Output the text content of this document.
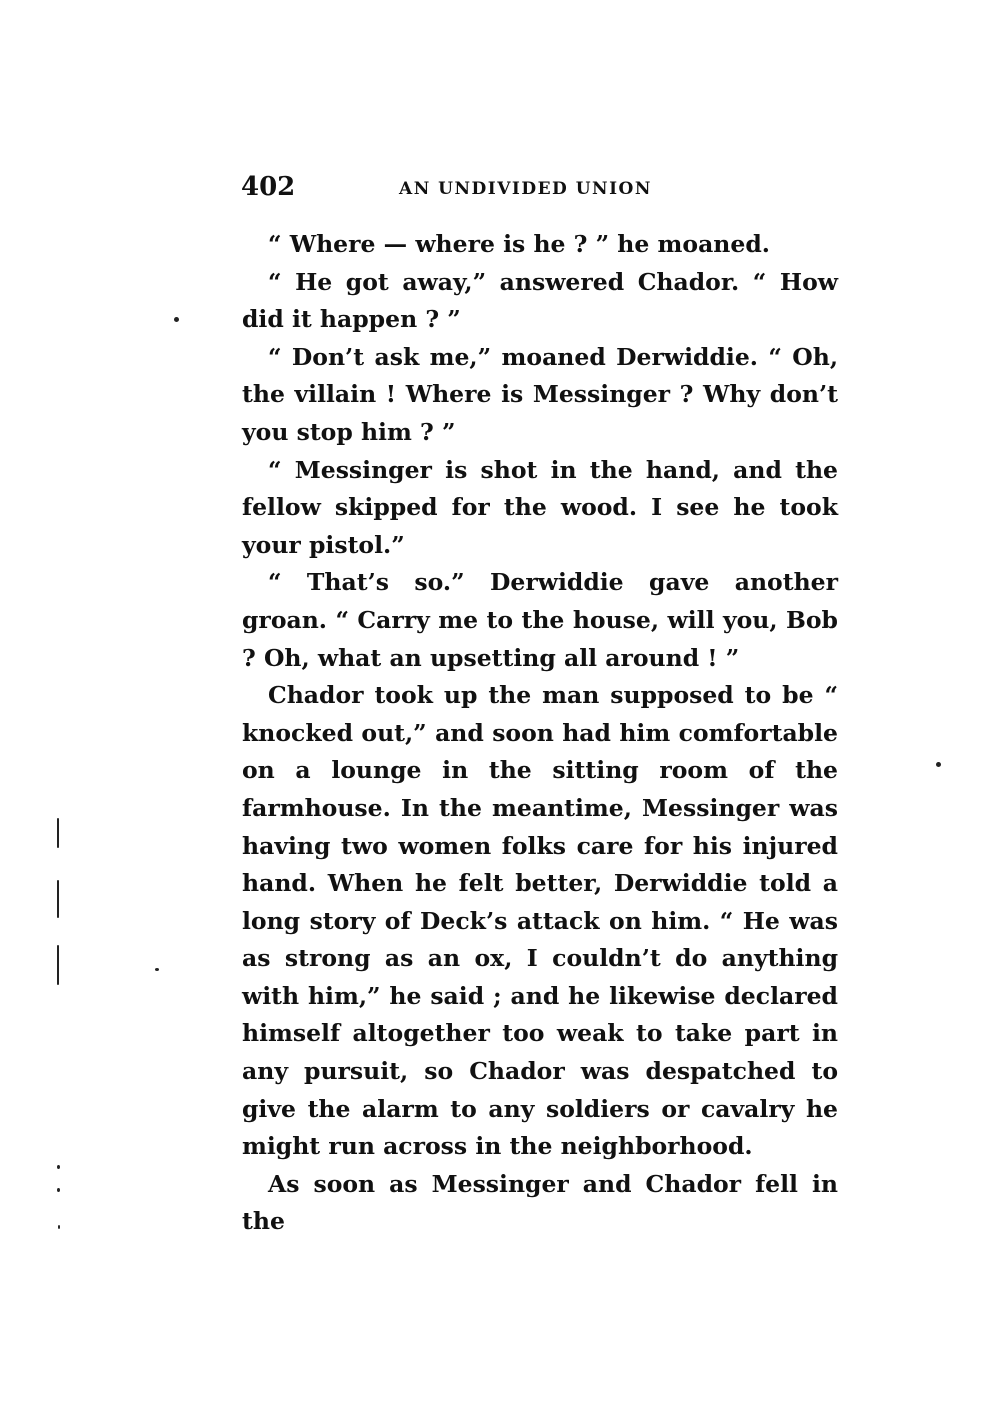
402	AN UNDIVIDED UNION

“ Where — where is he ? ” he moaned.

“ He got away,” answered Chador. “ How did it happen ? ”

“ Don’t ask me,” moaned Derwiddie. “ Oh, the villain ! Where is Messinger ? Why don’t you stop him ? ”

“ Messinger is shot in the hand, and the fellow skipped for the wood. I see he took your pistol.”

“ That’s so.” Derwiddie gave another groan. “ Carry me to the house, will you, Bob ? Oh, what an upsetting all around ! ”

Chador took up the man supposed to be “ knocked out,” and soon had him comfortable on a lounge in the sitting room of the farmhouse. In the meantime, Messinger was having two women folks care for his injured hand. When he felt better, Derwiddie told a long story of Deck’s attack on him. “ He was as strong as an ox, I couldn’t do anything with him,” he said ; and he likewise declared himself altogether too weak to take part in any pursuit, so Chador was despatched to give the alarm to any soldiers or cavalry he might run across in the neighborhood.

As soon as Messinger and Chador fell in the
